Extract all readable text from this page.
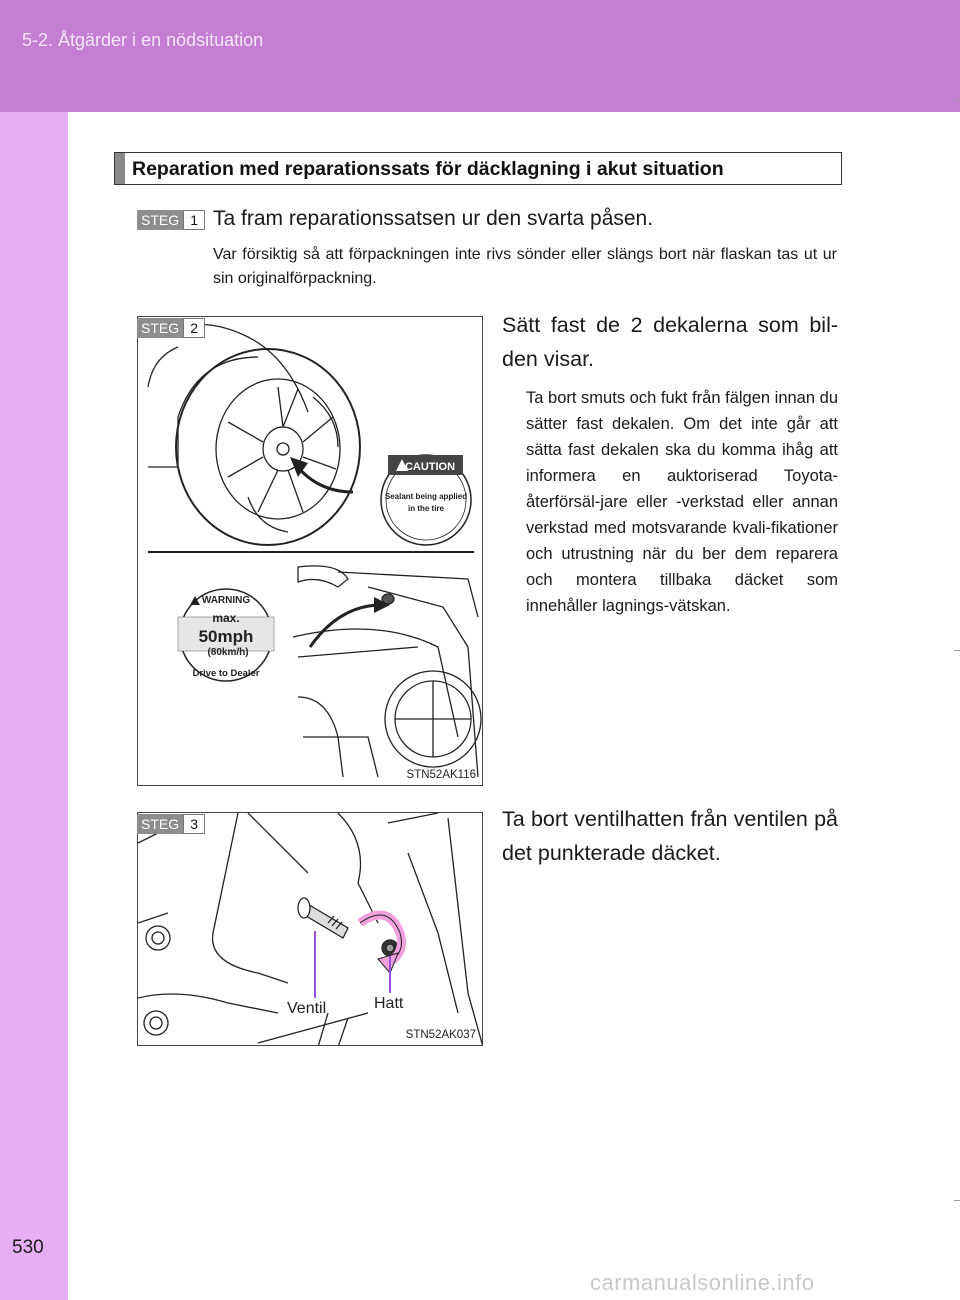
5-2. Åtgärder i en nödsituation
530
carmanualsonline.info
Reparation med reparationssats för däcklagning i akut situation
STEG 1 Ta fram reparationssatsen ur den svarta påsen.
Var försiktig så att förpackningen inte rivs sönder eller slängs bort när flaskan tas ut ur sin originalförpackning.
CAUTION
Sealant being applied
in the tire
WARNING
max.
50mph
(80km/h)
Drive to Dealer
STN52AK116
STEG 2	Sätt fast de 2 dekalerna som bil-den visar.
Ta bort smuts och fukt från fälgen innan du sätter fast dekalen. Om det inte går att sätta fast dekalen ska du komma ihåg att informera en auktoriserad Toyota-återförsäl-jare eller -verkstad eller annan verkstad med motsvarande kvali-fikationer och utrustning när du ber dem reparera och montera tillbaka däcket som innehåller lagnings-vätskan.
STN52AK037
Ventil	Hatt
STEG 3	Ta bort ventilhatten från ventilen på det punkterade däcket.
